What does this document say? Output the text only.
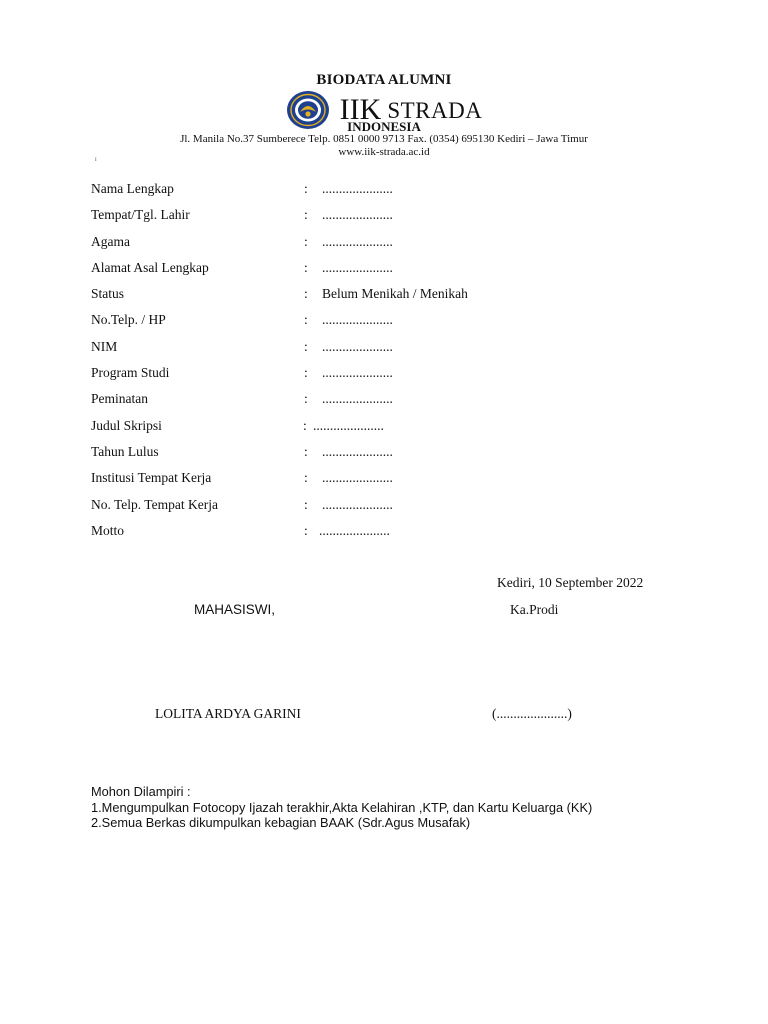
BIODATA ALUMNI
IIK STRADA
INDONESIA
Jl. Manila No.37 Sumberece Telp. 0851 0000 9713 Fax. (0354) 695130 Kediri – Jawa Timur
www.iik-strada.ac.id
I
Nama Lengkap	: .....................
Tempat/Tgl. Lahir	: .....................
Agama	: .....................
Alamat Asal Lengkap	: .....................
Status	: Belum Menikah / Menikah
No.Telp. / HP	: .....................
NIM	: .....................
Program Studi	: .....................
Peminatan	: .....................
Judul Skripsi	: .....................
Tahun Lulus	: .....................
Institusi Tempat Kerja	: .....................
No. Telp. Tempat Kerja	: .....................
Motto	: .....................
Kediri, 10 September 2022
MAHASISWI,	Ka.Prodi
LOLITA ARDYA GARINI	(.....................)
Mohon Dilampiri :
1.Mengumpulkan Fotocopy Ijazah terakhir,Akta Kelahiran ,KTP, dan Kartu Keluarga (KK)
2.Semua Berkas dikumpulkan kebagian BAAK (Sdr.Agus Musafak)
